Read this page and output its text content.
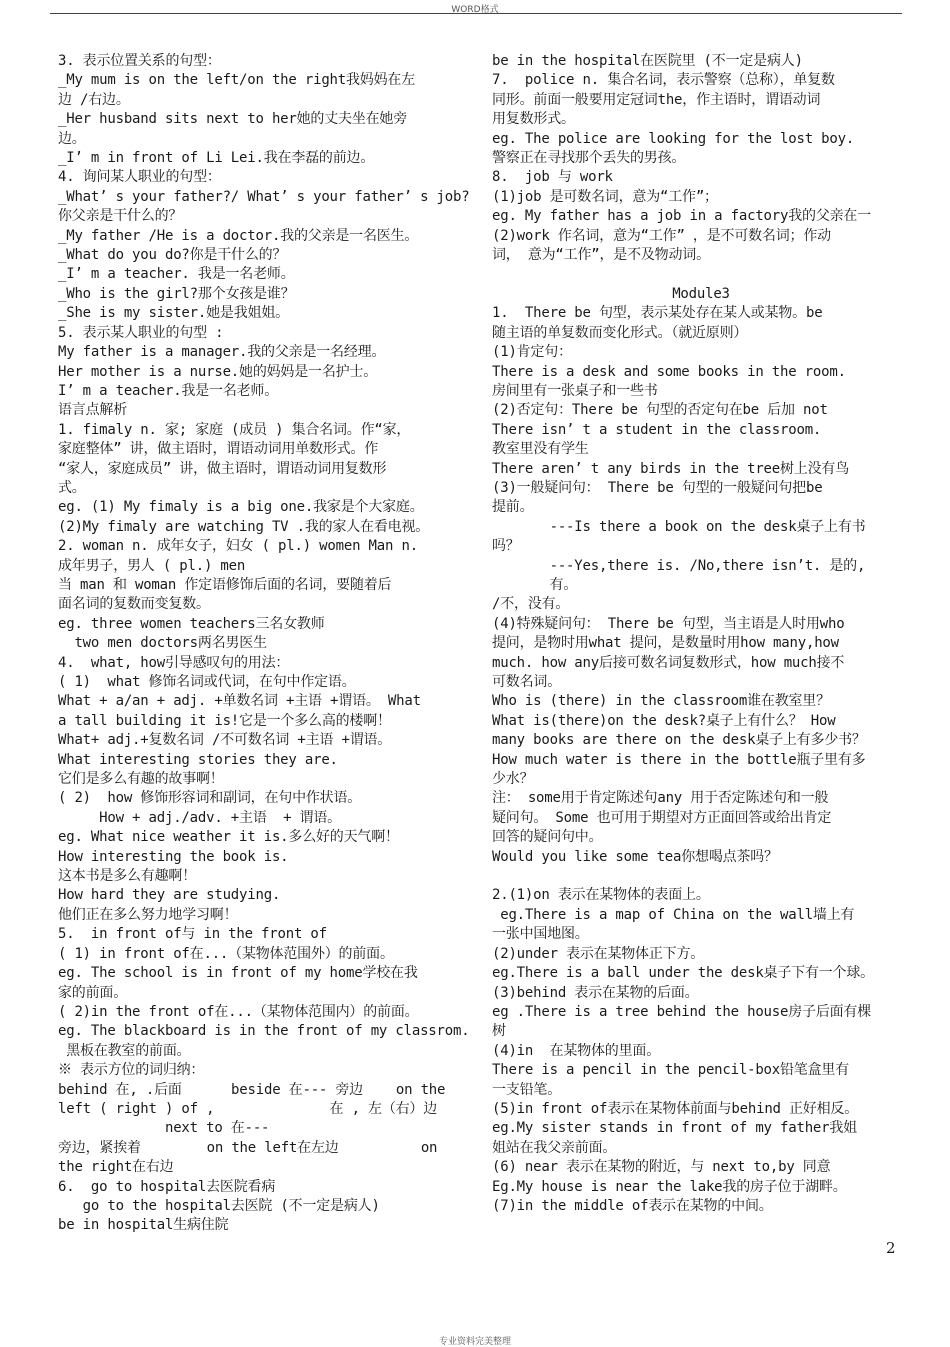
WORD格式
3. 表示位置关系的句型：
_My mum is on the left/on the right我妈妈在左
边 /右边。
_Her husband sits next to her她的丈夫坐在她旁
边。
_I’ m in front of Li Lei.我在李磊的前边。
4. 询问某人职业的句型：
_What’ s your father?/ What’ s your father’ s job?
你父亲是干什么的？
_My father /He is a doctor.我的父亲是一名医生。
_What do you do?你是干什么的？
_I’ m a teacher. 我是一名老师。
_Who is the girl?那个女孩是谁？
_She is my sister.她是我姐姐。
5. 表示某人职业的句型 :
My father is a manager.我的父亲是一名经理。
Her mother is a nurse.她的妈妈是一名护士。
I’ m a teacher.我是一名老师。
语言点解析
1. fimaly n. 家; 家庭 (成员 ) 集合名词。作“家，
家庭整体” 讲，做主语时，谓语动词用单数形式。作
“家人，家庭成员” 讲，做主语时，谓语动词用复数形
式。
eg. (1) My fimaly is a big one.我家是个大家庭。
(2)My fimaly are watching TV .我的家人在看电视。
2. woman n. 成年女子，妇女 ( pl.) women Man n.
成年男子，男人 ( pl.) men
当 man 和 woman 作定语修饰后面的名词，要随着后
面名词的复数而变复数。
eg. three women teachers三名女教师
two men doctors两名男医生
4.  what, how引导感叹句的用法：
( 1)  what 修饰名词或代词，在句中作定语。
What + a/an + adj. +单数名词 +主语 +谓语。 What
a tall building it is!它是一个多么高的楼啊！
What+ adj.+复数名词 /不可数名词 +主语 +谓语。
What interesting stories they are.
它们是多么有趣的故事啊！
( 2)  how 修饰形容词和副词，在句中作状语。
How + adj./adv. +主语  + 谓语。
eg. What nice weather it is.多么好的天气啊！
How interesting the book is.
这本书是多么有趣啊！
How hard they are studying.
他们正在多么努力地学习啊！
5.  in front of与 in the front of
( 1) in front of在...（某物体范围外）的前面。
eg. The school is in front of my home学校在我
家的前面。
( 2)in the front of在...（某物体范围内）的前面。
eg. The blackboard is in the front of my classrom.
黑板在教室的前面。
※ 表示方位的词归纳：
behind 在, .后面      beside 在--- 旁边    on the
left ( right ) of ,              在 , 左（右）边
next to 在---
旁边，紧挨着        on the left在左边          on
the right在右边
6.  go to hospital去医院看病
go to the hospital去医院 (不一定是病人)
be in hospital生病住院
be in the hospital在医院里 (不一定是病人)
7.  police n. 集合名词，表示警察（总称），单复数
同形。前面一般要用定冠词the，作主语时，谓语动词
用复数形式。
eg. The police are looking for the lost boy.
警察正在寻找那个丢失的男孩。
8.  job 与 work
(1)job 是可数名词，意为“工作”；
eg. My father has a job in a factory我的父亲在一
(2)work 作名词，意为“工作” ，是不可数名词；作动
词， 意为“工作”，是不及物动词。

Module3
1.  There be 句型，表示某处存在某人或某物。be
随主语的单复数而变化形式。（就近原则）
(1)肯定句：
There is a desk and some books in the room.
房间里有一张桌子和一些书
(2)否定句：There be 句型的否定句在be 后加 not
There isn’ t a student in the classroom.
教室里没有学生
There aren’ t any birds in the tree树上没有鸟
(3)一般疑问句： There be 句型的一般疑问句把be
提前。
---Is there a book on the desk桌子上有书
吗？
---Yes,there is. /No,there isn’t. 是的,
有。
/不，没有。
(4)特殊疑问句： There be 句型，当主语是人时用who
提问，是物时用what 提问，是数量时用how many,how
much. how any后接可数名词复数形式，how much接不
可数名词。
Who is (there) in the classroom谁在教室里？
What is(there)on the desk?桌子上有什么？ How
many books are there on the desk桌子上有多少书？
How much water is there in the bottle瓶子里有多
少水？
注： some用于肯定陈述句any 用于否定陈述句和一般
疑问句。 Some 也可用于期望对方正面回答或给出肯定
回答的疑问句中。
Would you like some tea你想喝点茶吗？

2.(1)on 表示在某物体的表面上。
eg.There is a map of China on the wall墙上有
一张中国地图。
(2)under 表示在某物体正下方。
eg.There is a ball under the desk桌子下有一个球。
(3)behind 表示在某物的后面。
eg .There is a tree behind the house房子后面有棵
树
(4)in  在某物体的里面。
There is a pencil in the pencil-box铅笔盒里有
一支铅笔。
(5)in front of表示在某物体前面与behind 正好相反。
eg.My sister stands in front of my father我姐
姐站在我父亲前面。
(6) near 表示在某物的附近，与 next to,by 同意
Eg.My house is near the lake我的房子位于湖畔。
(7)in the middle of表示在某物的中间。
2
专业资料完美整理
